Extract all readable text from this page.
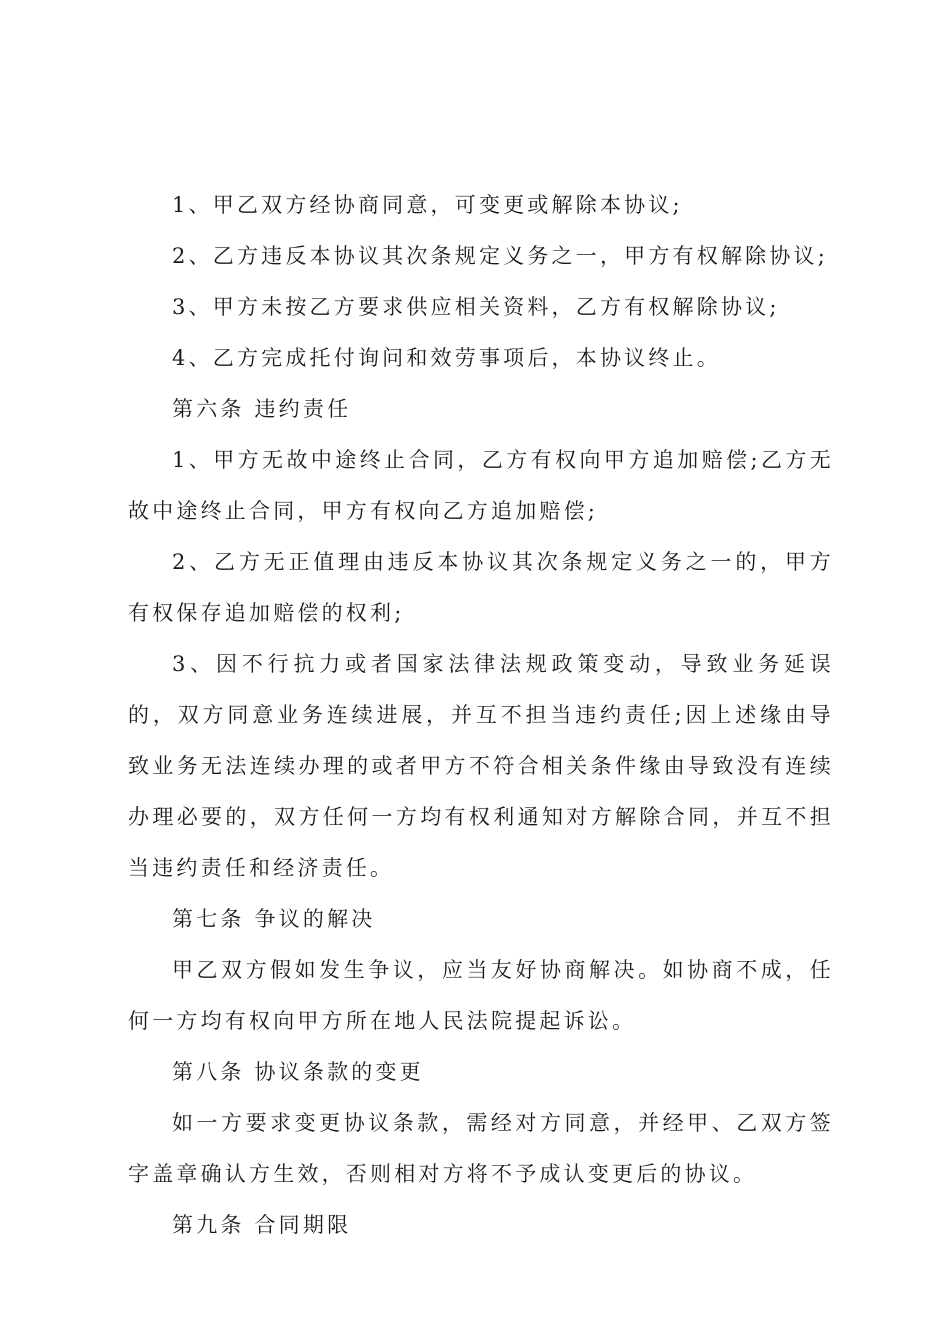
1、甲乙双方经协商同意，可变更或解除本协议;

2、乙方违反本协议其次条规定义务之一，甲方有权解除协议;

3、甲方未按乙方要求供应相关资料，乙方有权解除协议;

4、乙方完成托付询问和效劳事项后，本协议终止。

第六条 违约责任

1、甲方无故中途终止合同，乙方有权向甲方追加赔偿;乙方无故中途终止合同，甲方有权向乙方追加赔偿;

2、乙方无正值理由违反本协议其次条规定义务之一的，甲方有权保存追加赔偿的权利;

3、因不行抗力或者国家法律法规政策变动，导致业务延误的，双方同意业务连续进展，并互不担当违约责任;因上述缘由导致业务无法连续办理的或者甲方不符合相关条件缘由导致没有连续办理必要的，双方任何一方均有权利通知对方解除合同，并互不担当违约责任和经济责任。

第七条 争议的解决

甲乙双方假如发生争议，应当友好协商解决。如协商不成，任何一方均有权向甲方所在地人民法院提起诉讼。

第八条 协议条款的变更

如一方要求变更协议条款，需经对方同意，并经甲、乙双方签字盖章确认方生效，否则相对方将不予成认变更后的协议。

第九条 合同期限
